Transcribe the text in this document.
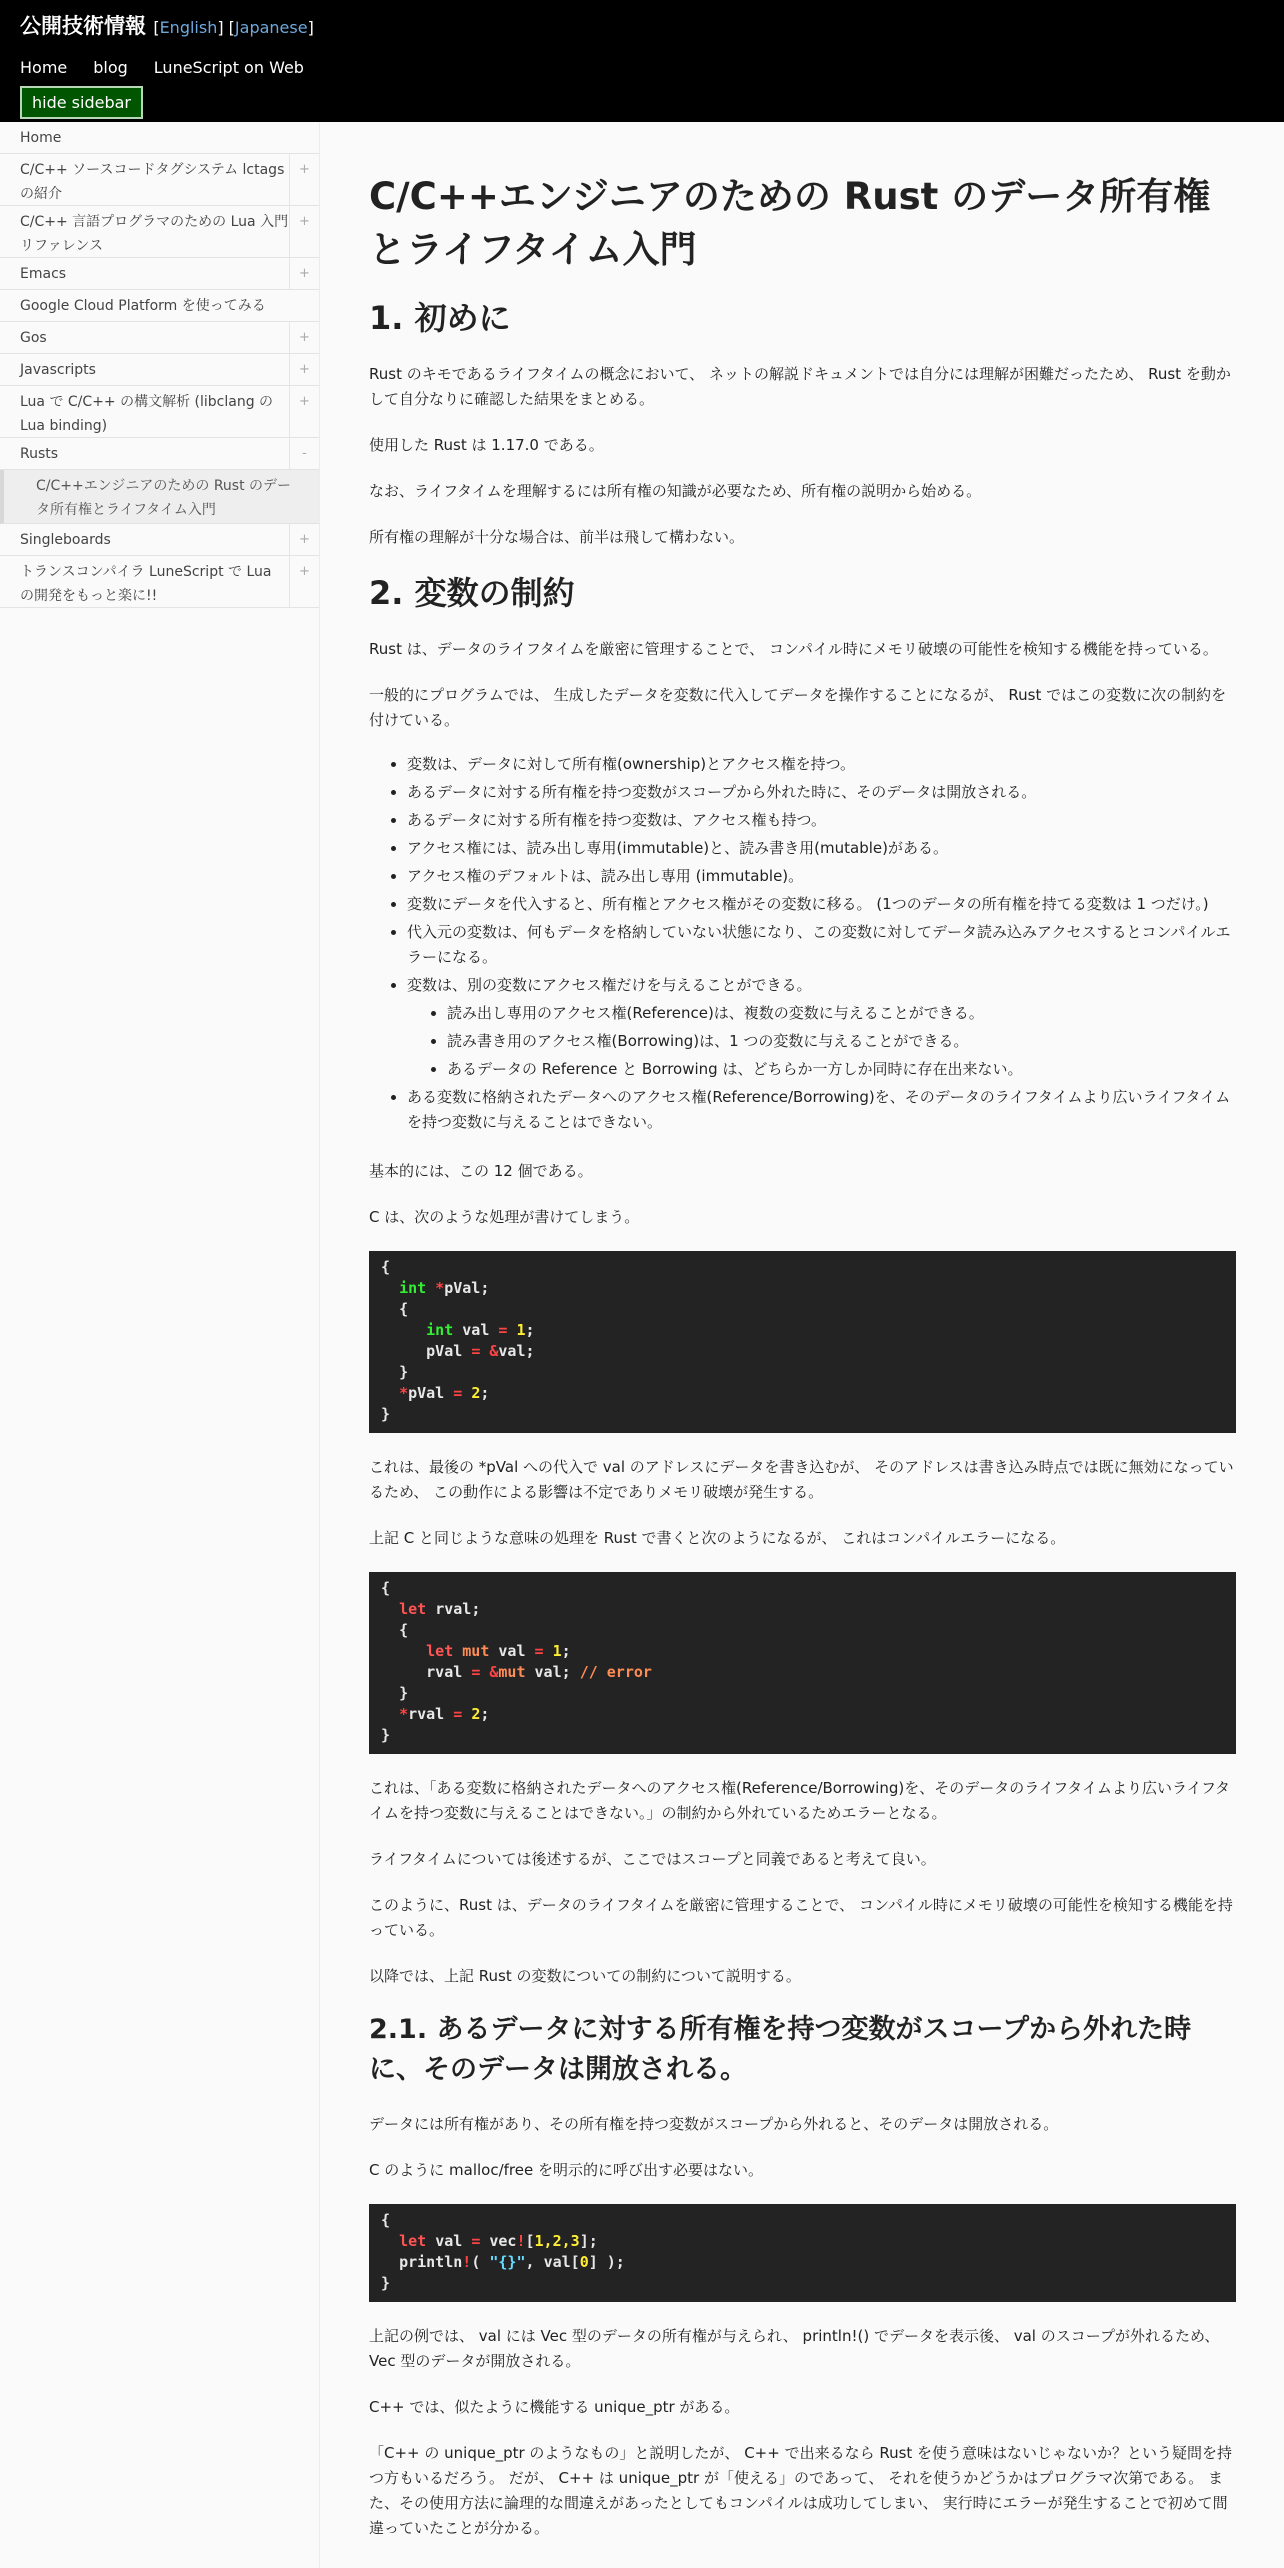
公開技術情報 [English] [Japanese]
Home blog LuneScript on Web
hide sidebar
Home
C/C++ ソースコードタグシステム lctags の紹介
+
C/C++ 言語プログラマのための Lua 入門リファレンス
+
Emacs	+
Google Cloud Platform を使ってみる
Gos	+
Javascripts	+
Lua で C/C++ の構文解析 (libclang の Lua binding)
+
Rusts	-
C/C++エンジニアのための Rust のデータ所有権とライフタイム入門
Singleboards	+
トランスコンパイラ LuneScript で Lua の開発をもっと楽に!!
+
C/C++エンジニアのための Rust のデータ所有権とライフタイム入門
1. 初めに

Rust のキモであるライフタイムの概念において、 ネットの解説ドキュメントでは自分には理解が困難だったため、 Rust を動かして自分なりに確認した結果をまとめる。

使用した Rust は 1.17.0 である。

なお、ライフタイムを理解するには所有権の知識が必要なため、所有権の説明から始める。

所有権の理解が十分な場合は、前半は飛して構わない。

2. 変数の制約

Rust は、データのライフタイムを厳密に管理することで、 コンパイル時にメモリ破壊の可能性を検知する機能を持っている。

一般的にプログラムでは、 生成したデータを変数に代入してデータを操作することになるが、 Rust ではこの変数に次の制約を付けている。

• 変数は、データに対して所有権(ownership)とアクセス権を持つ。
• あるデータに対する所有権を持つ変数がスコープから外れた時に、そのデータは開放される。
• あるデータに対する所有権を持つ変数は、アクセス権も持つ。
• アクセス権には、読み出し専用(immutable)と、読み書き用(mutable)がある。
• アクセス権のデフォルトは、読み出し専用 (immutable)。
• 変数にデータを代入すると、所有権とアクセス権がその変数に移る。 (1つのデータの所有権を持てる変数は 1 つだけ。)
• 代入元の変数は、何もデータを格納していない状態になり、この変数に対してデータ読み込みアクセスするとコンパイルエラーになる。
• 変数は、別の変数にアクセス権だけを与えることができる。
• 読み出し専用のアクセス権(Reference)は、複数の変数に与えることができる。
• 読み書き用のアクセス権(Borrowing)は、1 つの変数に与えることができる。
• あるデータの Reference と Borrowing は、どちらか一方しか同時に存在出来ない。
• ある変数に格納されたデータへのアクセス権(Reference/Borrowing)を、そのデータのライフタイムより広いライフタイムを持つ変数に与えることはできない。

基本的には、この 12 個である。

C は、次のような処理が書けてしまう。

{
int *pVal;
{
int val = 1;
pVal = &val;
}
*pVal = 2;
}

これは、最後の *pVal への代入で val のアドレスにデータを書き込むが、 そのアドレスは書き込み時点では既に無効になっているため、 この動作による影響は不定でありメモリ破壊が発生する。

上記 C と同じような意味の処理を Rust で書くと次のようになるが、 これはコンパイルエラーになる。

{
let rval;
{
let mut val = 1;
rval = &mut val; // error
}
*rval = 2;
}

これは、「ある変数に格納されたデータへのアクセス権(Reference/Borrowing)を、そのデータのライフタイムより広いライフタイムを持つ変数に与えることはできない。」の制約から外れているためエラーとなる。

ライフタイムについては後述するが、ここではスコープと同義であると考えて良い。

このように、Rust は、データのライフタイムを厳密に管理することで、 コンパイル時にメモリ破壊の可能性を検知する機能を持っている。

以降では、上記 Rust の変数についての制約について説明する。

2.1. あるデータに対する所有権を持つ変数がスコープから外れた時に、そのデータは開放される。

データには所有権があり、その所有権を持つ変数がスコープから外れると、そのデータは開放される。

C のように malloc/free を明示的に呼び出す必要はない。

{
let val = vec![1,2,3];
println!( "{}", val[0] );
}

上記の例では、 val には Vec 型のデータの所有権が与えられ、 println!() でデータを表示後、 val のスコープが外れるため、 Vec 型のデータが開放される。

C++ では、似たように機能する unique_ptr がある。

「C++ の unique_ptr のようなもの」と説明したが、 C++ で出来るなら Rust を使う意味はないじゃないか？という疑問を持つ方もいるだろう。 だが、 C++ は unique_ptr が「使える」のであって、 それを使うかどうかはプログラマ次第である。 また、その使用方法に論理的な間違えがあったとしてもコンパイルは成功してしまい、 実行時にエラーが発生することで初めて間違っていたことが分かる。
